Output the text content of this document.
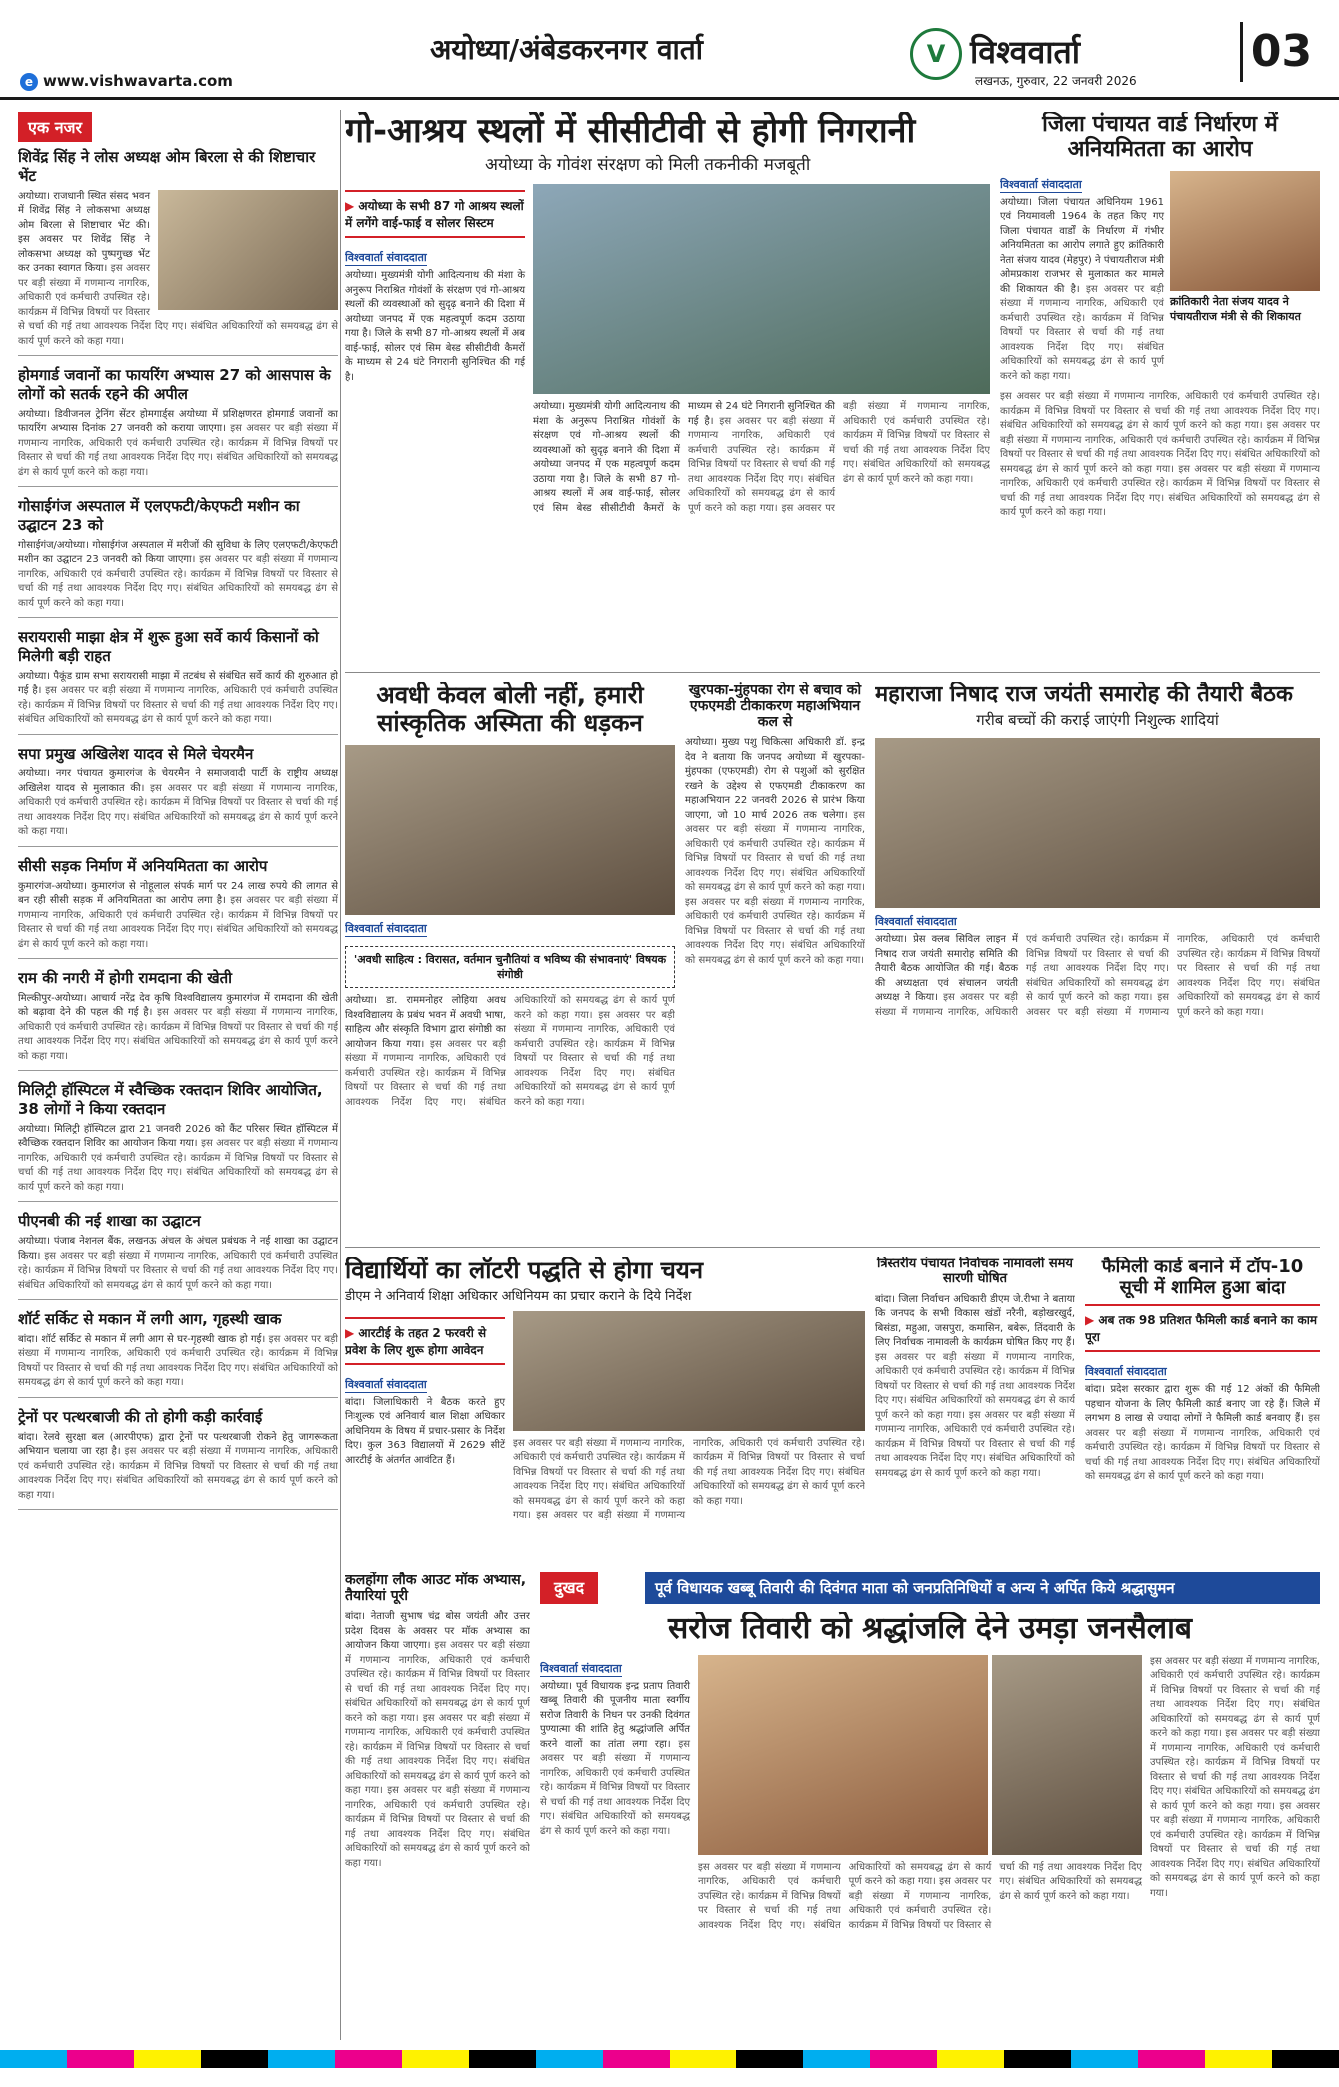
अयोध्या/अंबेडकरनगर वार्ता
e www.vishwavarta.com
V विश्ववार्ता
लखनऊ, गुरुवार, 22 जनवरी 2026
03
एक नजर
शिवेंद्र सिंह ने लोस अध्यक्ष ओम बिरला से की शिष्टाचार भेंट
अयोध्या। राजधानी स्थित संसद भवन में शिवेंद्र सिंह ने लोकसभा अध्यक्ष ओम बिरला से शिष्टाचार भेंट की। इस अवसर पर शिवेंद्र सिंह ने लोकसभा अध्यक्ष को पुष्पगुच्छ भेंट कर उनका स्वागत किया। इस अवसर पर बड़ी संख्या में गणमान्य नागरिक, अधिकारी एवं कर्मचारी उपस्थित रहे। कार्यक्रम में विभिन्न विषयों पर विस्तार से चर्चा की गई तथा आवश्यक निर्देश दिए गए। संबंधित अधिकारियों को समयबद्ध ढंग से कार्य पूर्ण करने को कहा गया।
होमगार्ड जवानों का फायरिंग अभ्यास 27 को आसपास के लोगों को सतर्क रहने की अपील
अयोध्या। डिवीजनल ट्रेनिंग सेंटर होमगार्ड्स अयोध्या में प्रशिक्षणरत होमगार्ड जवानों का फायरिंग अभ्यास दिनांक 27 जनवरी को कराया जाएगा। इस अवसर पर बड़ी संख्या में गणमान्य नागरिक, अधिकारी एवं कर्मचारी उपस्थित रहे। कार्यक्रम में विभिन्न विषयों पर विस्तार से चर्चा की गई तथा आवश्यक निर्देश दिए गए। संबंधित अधिकारियों को समयबद्ध ढंग से कार्य पूर्ण करने को कहा गया।
गोसाईगंज अस्पताल में एलएफटी/केएफटी मशीन का उद्घाटन 23 को
गोसाईगंज/अयोध्या। गोसाईगंज अस्पताल में मरीजों की सुविधा के लिए एलएफटी/केएफटी मशीन का उद्घाटन 23 जनवरी को किया जाएगा। इस अवसर पर बड़ी संख्या में गणमान्य नागरिक, अधिकारी एवं कर्मचारी उपस्थित रहे। कार्यक्रम में विभिन्न विषयों पर विस्तार से चर्चा की गई तथा आवश्यक निर्देश दिए गए। संबंधित अधिकारियों को समयबद्ध ढंग से कार्य पूर्ण करने को कहा गया।
सरायरासी माझा क्षेत्र में शुरू हुआ सर्वे कार्य किसानों को मिलेगी बड़ी राहत
अयोध्या। पैकूंड ग्राम सभा सरायरासी माझा में तटबंध से संबंधित सर्वे कार्य की शुरुआत हो गई है। इस अवसर पर बड़ी संख्या में गणमान्य नागरिक, अधिकारी एवं कर्मचारी उपस्थित रहे। कार्यक्रम में विभिन्न विषयों पर विस्तार से चर्चा की गई तथा आवश्यक निर्देश दिए गए। संबंधित अधिकारियों को समयबद्ध ढंग से कार्य पूर्ण करने को कहा गया।
सपा प्रमुख अखिलेश यादव से मिले चेयरमैन
अयोध्या। नगर पंचायत कुमारगंज के चेयरमैन ने समाजवादी पार्टी के राष्ट्रीय अध्यक्ष अखिलेश यादव से मुलाकात की। इस अवसर पर बड़ी संख्या में गणमान्य नागरिक, अधिकारी एवं कर्मचारी उपस्थित रहे। कार्यक्रम में विभिन्न विषयों पर विस्तार से चर्चा की गई तथा आवश्यक निर्देश दिए गए। संबंधित अधिकारियों को समयबद्ध ढंग से कार्य पूर्ण करने को कहा गया।
सीसी सड़क निर्माण में अनियमितता का आरोप
कुमारगंज-अयोध्या। कुमारगंज से नोहूलाल संपर्क मार्ग पर 24 लाख रुपये की लागत से बन रही सीसी सड़क में अनियमितता का आरोप लगा है। इस अवसर पर बड़ी संख्या में गणमान्य नागरिक, अधिकारी एवं कर्मचारी उपस्थित रहे। कार्यक्रम में विभिन्न विषयों पर विस्तार से चर्चा की गई तथा आवश्यक निर्देश दिए गए। संबंधित अधिकारियों को समयबद्ध ढंग से कार्य पूर्ण करने को कहा गया।
राम की नगरी में होगी रामदाना की खेती
मिल्कीपुर-अयोध्या। आचार्य नरेंद्र देव कृषि विश्वविद्यालय कुमारगंज में रामदाना की खेती को बढ़ावा देने की पहल की गई है। इस अवसर पर बड़ी संख्या में गणमान्य नागरिक, अधिकारी एवं कर्मचारी उपस्थित रहे। कार्यक्रम में विभिन्न विषयों पर विस्तार से चर्चा की गई तथा आवश्यक निर्देश दिए गए। संबंधित अधिकारियों को समयबद्ध ढंग से कार्य पूर्ण करने को कहा गया।
मिलिट्री हॉस्पिटल में स्वैच्छिक रक्तदान शिविर आयोजित, 38 लोगों ने किया रक्तदान
अयोध्या। मिलिट्री हॉस्पिटल द्वारा 21 जनवरी 2026 को कैंट परिसर स्थित हॉस्पिटल में स्वैच्छिक रक्तदान शिविर का आयोजन किया गया। इस अवसर पर बड़ी संख्या में गणमान्य नागरिक, अधिकारी एवं कर्मचारी उपस्थित रहे। कार्यक्रम में विभिन्न विषयों पर विस्तार से चर्चा की गई तथा आवश्यक निर्देश दिए गए। संबंधित अधिकारियों को समयबद्ध ढंग से कार्य पूर्ण करने को कहा गया।
पीएनबी की नई शाखा का उद्घाटन
अयोध्या। पंजाब नेशनल बैंक, लखनऊ अंचल के अंचल प्रबंधक ने नई शाखा का उद्घाटन किया। इस अवसर पर बड़ी संख्या में गणमान्य नागरिक, अधिकारी एवं कर्मचारी उपस्थित रहे। कार्यक्रम में विभिन्न विषयों पर विस्तार से चर्चा की गई तथा आवश्यक निर्देश दिए गए। संबंधित अधिकारियों को समयबद्ध ढंग से कार्य पूर्ण करने को कहा गया।
शॉर्ट सर्किट से मकान में लगी आग, गृहस्थी खाक
बांदा। शॉर्ट सर्किट से मकान में लगी आग से घर-गृहस्थी खाक हो गई। इस अवसर पर बड़ी संख्या में गणमान्य नागरिक, अधिकारी एवं कर्मचारी उपस्थित रहे। कार्यक्रम में विभिन्न विषयों पर विस्तार से चर्चा की गई तथा आवश्यक निर्देश दिए गए। संबंधित अधिकारियों को समयबद्ध ढंग से कार्य पूर्ण करने को कहा गया।
ट्रेनों पर पत्थरबाजी की तो होगी कड़ी कार्रवाई
बांदा। रेलवे सुरक्षा बल (आरपीएफ) द्वारा ट्रेनों पर पत्थरबाजी रोकने हेतु जागरूकता अभियान चलाया जा रहा है। इस अवसर पर बड़ी संख्या में गणमान्य नागरिक, अधिकारी एवं कर्मचारी उपस्थित रहे। कार्यक्रम में विभिन्न विषयों पर विस्तार से चर्चा की गई तथा आवश्यक निर्देश दिए गए। संबंधित अधिकारियों को समयबद्ध ढंग से कार्य पूर्ण करने को कहा गया।
गो-आश्रय स्थलों में सीसीटीवी से होगी निगरानी
अयोध्या के गोवंश संरक्षण को मिली तकनीकी मजबूती
▶ अयोध्या के सभी 87 गो आश्रय स्थलों में लगेंगे वाई-फाई व सोलर सिस्टम
विश्ववार्ता संवाददाता
अयोध्या। मुख्यमंत्री योगी आदित्यनाथ की मंशा के अनुरूप निराश्रित गोवंशों के संरक्षण एवं गो-आश्रय स्थलों की व्यवस्थाओं को सुदृढ़ बनाने की दिशा में अयोध्या जनपद में एक महत्वपूर्ण कदम उठाया गया है। जिले के सभी 87 गो-आश्रय स्थलों में अब वाई-फाई, सोलर एवं सिम बेस्ड सीसीटीवी कैमरों के माध्यम से 24 घंटे निगरानी सुनिश्चित की गई है।
अयोध्या। मुख्यमंत्री योगी आदित्यनाथ की मंशा के अनुरूप निराश्रित गोवंशों के संरक्षण एवं गो-आश्रय स्थलों की व्यवस्थाओं को सुदृढ़ बनाने की दिशा में अयोध्या जनपद में एक महत्वपूर्ण कदम उठाया गया है। जिले के सभी 87 गो-आश्रय स्थलों में अब वाई-फाई, सोलर एवं सिम बेस्ड सीसीटीवी कैमरों के माध्यम से 24 घंटे निगरानी सुनिश्चित की गई है। इस अवसर पर बड़ी संख्या में गणमान्य नागरिक, अधिकारी एवं कर्मचारी उपस्थित रहे। कार्यक्रम में विभिन्न विषयों पर विस्तार से चर्चा की गई तथा आवश्यक निर्देश दिए गए। संबंधित अधिकारियों को समयबद्ध ढंग से कार्य पूर्ण करने को कहा गया। इस अवसर पर बड़ी संख्या में गणमान्य नागरिक, अधिकारी एवं कर्मचारी उपस्थित रहे। कार्यक्रम में विभिन्न विषयों पर विस्तार से चर्चा की गई तथा आवश्यक निर्देश दिए गए। संबंधित अधिकारियों को समयबद्ध ढंग से कार्य पूर्ण करने को कहा गया।
जिला पंचायत वार्ड निर्धारण में अनियमितता का आरोप
विश्ववार्ता संवाददाता
अयोध्या। जिला पंचायत अधिनियम 1961 एवं नियमावली 1964 के तहत किए गए जिला पंचायत वार्डों के निर्धारण में गंभीर अनियमितता का आरोप लगाते हुए क्रांतिकारी नेता संजय यादव (मेहपुर) ने पंचायतीराज मंत्री ओमप्रकाश राजभर से मुलाकात कर मामले की शिकायत की है। इस अवसर पर बड़ी संख्या में गणमान्य नागरिक, अधिकारी एवं कर्मचारी उपस्थित रहे। कार्यक्रम में विभिन्न विषयों पर विस्तार से चर्चा की गई तथा आवश्यक निर्देश दिए गए। संबंधित अधिकारियों को समयबद्ध ढंग से कार्य पूर्ण करने को कहा गया।
क्रांतिकारी नेता संजय यादव ने पंचायतीराज मंत्री से की शिकायत
इस अवसर पर बड़ी संख्या में गणमान्य नागरिक, अधिकारी एवं कर्मचारी उपस्थित रहे। कार्यक्रम में विभिन्न विषयों पर विस्तार से चर्चा की गई तथा आवश्यक निर्देश दिए गए। संबंधित अधिकारियों को समयबद्ध ढंग से कार्य पूर्ण करने को कहा गया। इस अवसर पर बड़ी संख्या में गणमान्य नागरिक, अधिकारी एवं कर्मचारी उपस्थित रहे। कार्यक्रम में विभिन्न विषयों पर विस्तार से चर्चा की गई तथा आवश्यक निर्देश दिए गए। संबंधित अधिकारियों को समयबद्ध ढंग से कार्य पूर्ण करने को कहा गया। इस अवसर पर बड़ी संख्या में गणमान्य नागरिक, अधिकारी एवं कर्मचारी उपस्थित रहे। कार्यक्रम में विभिन्न विषयों पर विस्तार से चर्चा की गई तथा आवश्यक निर्देश दिए गए। संबंधित अधिकारियों को समयबद्ध ढंग से कार्य पूर्ण करने को कहा गया।
अवधी केवल बोली नहीं, हमारी सांस्कृतिक अस्मिता की धड़कन
विश्ववार्ता संवाददाता
'अवधी साहित्य : विरासत, वर्तमान चुनौतियां व भविष्य की संभावनाएं' विषयक संगोष्ठी
अयोध्या। डा. राममनोहर लोहिया अवध विश्वविद्यालय के प्रबंध भवन में अवधी भाषा, साहित्य और संस्कृति विभाग द्वारा संगोष्ठी का आयोजन किया गया। इस अवसर पर बड़ी संख्या में गणमान्य नागरिक, अधिकारी एवं कर्मचारी उपस्थित रहे। कार्यक्रम में विभिन्न विषयों पर विस्तार से चर्चा की गई तथा आवश्यक निर्देश दिए गए। संबंधित अधिकारियों को समयबद्ध ढंग से कार्य पूर्ण करने को कहा गया। इस अवसर पर बड़ी संख्या में गणमान्य नागरिक, अधिकारी एवं कर्मचारी उपस्थित रहे। कार्यक्रम में विभिन्न विषयों पर विस्तार से चर्चा की गई तथा आवश्यक निर्देश दिए गए। संबंधित अधिकारियों को समयबद्ध ढंग से कार्य पूर्ण करने को कहा गया।
खुरपका-मुंहपका रोग से बचाव को एफएमडी टीकाकरण महाअभियान कल से
अयोध्या। मुख्य पशु चिकित्सा अधिकारी डॉ. इन्द्र देव ने बताया कि जनपद अयोध्या में खुरपका-मुंहपका (एफएमडी) रोग से पशुओं को सुरक्षित रखने के उद्देश्य से एफएमडी टीकाकरण का महाअभियान 22 जनवरी 2026 से प्रारंभ किया जाएगा, जो 10 मार्च 2026 तक चलेगा। इस अवसर पर बड़ी संख्या में गणमान्य नागरिक, अधिकारी एवं कर्मचारी उपस्थित रहे। कार्यक्रम में विभिन्न विषयों पर विस्तार से चर्चा की गई तथा आवश्यक निर्देश दिए गए। संबंधित अधिकारियों को समयबद्ध ढंग से कार्य पूर्ण करने को कहा गया। इस अवसर पर बड़ी संख्या में गणमान्य नागरिक, अधिकारी एवं कर्मचारी उपस्थित रहे। कार्यक्रम में विभिन्न विषयों पर विस्तार से चर्चा की गई तथा आवश्यक निर्देश दिए गए। संबंधित अधिकारियों को समयबद्ध ढंग से कार्य पूर्ण करने को कहा गया।
महाराजा निषाद राज जयंती समारोह की तैयारी बैठक
गरीब बच्चों की कराई जाएंगी निशुल्क शादियां
विश्ववार्ता संवाददाता
अयोध्या। प्रेस क्लब सिविल लाइन में निषाद राज जयंती समारोह समिति की तैयारी बैठक आयोजित की गई। बैठक की अध्यक्षता एवं संचालन जयंती अध्यक्ष ने किया। इस अवसर पर बड़ी संख्या में गणमान्य नागरिक, अधिकारी एवं कर्मचारी उपस्थित रहे। कार्यक्रम में विभिन्न विषयों पर विस्तार से चर्चा की गई तथा आवश्यक निर्देश दिए गए। संबंधित अधिकारियों को समयबद्ध ढंग से कार्य पूर्ण करने को कहा गया। इस अवसर पर बड़ी संख्या में गणमान्य नागरिक, अधिकारी एवं कर्मचारी उपस्थित रहे। कार्यक्रम में विभिन्न विषयों पर विस्तार से चर्चा की गई तथा आवश्यक निर्देश दिए गए। संबंधित अधिकारियों को समयबद्ध ढंग से कार्य पूर्ण करने को कहा गया।
विद्यार्थियों का लॉटरी पद्धति से होगा चयन
डीएम ने अनिवार्य शिक्षा अधिकार अधिनियम का प्रचार कराने के दिये निर्देश
▶ आरटीई के तहत 2 फरवरी से प्रवेश के लिए शुरू होगा आवेदन
विश्ववार्ता संवाददाता
बांदा। जिलाधिकारी ने बैठक करते हुए निःशुल्क एवं अनिवार्य बाल शिक्षा अधिकार अधिनियम के विषय में प्रचार-प्रसार के निर्देश दिए। कुल 363 विद्यालयों में 2629 सीटें आरटीई के अंतर्गत आवंटित हैं।
इस अवसर पर बड़ी संख्या में गणमान्य नागरिक, अधिकारी एवं कर्मचारी उपस्थित रहे। कार्यक्रम में विभिन्न विषयों पर विस्तार से चर्चा की गई तथा आवश्यक निर्देश दिए गए। संबंधित अधिकारियों को समयबद्ध ढंग से कार्य पूर्ण करने को कहा गया। इस अवसर पर बड़ी संख्या में गणमान्य नागरिक, अधिकारी एवं कर्मचारी उपस्थित रहे। कार्यक्रम में विभिन्न विषयों पर विस्तार से चर्चा की गई तथा आवश्यक निर्देश दिए गए। संबंधित अधिकारियों को समयबद्ध ढंग से कार्य पूर्ण करने को कहा गया।
त्रिस्तरीय पंचायत निर्वाचक नामावली समय सारणी घोषित
बांदा। जिला निर्वाचन अधिकारी डीएम जे.रीभा ने बताया कि जनपद के सभी विकास खंडों नरैनी, बड़ोखरखुर्द, बिसंडा, महुआ, जसपुरा, कमासिन, बबेरू, तिंदवारी के लिए निर्वाचक नामावली के कार्यक्रम घोषित किए गए हैं। इस अवसर पर बड़ी संख्या में गणमान्य नागरिक, अधिकारी एवं कर्मचारी उपस्थित रहे। कार्यक्रम में विभिन्न विषयों पर विस्तार से चर्चा की गई तथा आवश्यक निर्देश दिए गए। संबंधित अधिकारियों को समयबद्ध ढंग से कार्य पूर्ण करने को कहा गया। इस अवसर पर बड़ी संख्या में गणमान्य नागरिक, अधिकारी एवं कर्मचारी उपस्थित रहे। कार्यक्रम में विभिन्न विषयों पर विस्तार से चर्चा की गई तथा आवश्यक निर्देश दिए गए। संबंधित अधिकारियों को समयबद्ध ढंग से कार्य पूर्ण करने को कहा गया।
फैमिली कार्ड बनाने में टॉप-10 सूची में शामिल हुआ बांदा
▶ अब तक 98 प्रतिशत फैमिली कार्ड बनाने का काम पूरा
विश्ववार्ता संवाददाता
बांदा। प्रदेश सरकार द्वारा शुरू की गई 12 अंकों की फैमिली पहचान योजना के लिए फैमिली कार्ड बनाए जा रहे हैं। जिले में लगभग 8 लाख से ज्यादा लोगों ने फैमिली कार्ड बनवाए हैं। इस अवसर पर बड़ी संख्या में गणमान्य नागरिक, अधिकारी एवं कर्मचारी उपस्थित रहे। कार्यक्रम में विभिन्न विषयों पर विस्तार से चर्चा की गई तथा आवश्यक निर्देश दिए गए। संबंधित अधिकारियों को समयबद्ध ढंग से कार्य पूर्ण करने को कहा गया।
दुखद	पूर्व विधायक खब्बू तिवारी की दिवंगत माता को जनप्रतिनिधियों व अन्य ने अर्पित किये श्रद्धासुमन
कलहोंगा लौक आउट मॉक अभ्यास, तैयारियां पूरी
बांदा। नेताजी सुभाष चंद्र बोस जयंती और उत्तर प्रदेश दिवस के अवसर पर मॉक अभ्यास का आयोजन किया जाएगा। इस अवसर पर बड़ी संख्या में गणमान्य नागरिक, अधिकारी एवं कर्मचारी उपस्थित रहे। कार्यक्रम में विभिन्न विषयों पर विस्तार से चर्चा की गई तथा आवश्यक निर्देश दिए गए। संबंधित अधिकारियों को समयबद्ध ढंग से कार्य पूर्ण करने को कहा गया। इस अवसर पर बड़ी संख्या में गणमान्य नागरिक, अधिकारी एवं कर्मचारी उपस्थित रहे। कार्यक्रम में विभिन्न विषयों पर विस्तार से चर्चा की गई तथा आवश्यक निर्देश दिए गए। संबंधित अधिकारियों को समयबद्ध ढंग से कार्य पूर्ण करने को कहा गया। इस अवसर पर बड़ी संख्या में गणमान्य नागरिक, अधिकारी एवं कर्मचारी उपस्थित रहे। कार्यक्रम में विभिन्न विषयों पर विस्तार से चर्चा की गई तथा आवश्यक निर्देश दिए गए। संबंधित अधिकारियों को समयबद्ध ढंग से कार्य पूर्ण करने को कहा गया।
सरोज तिवारी को श्रद्धांजलि देने उमड़ा जनसैलाब
विश्ववार्ता संवाददाता
अयोध्या। पूर्व विधायक इन्द्र प्रताप तिवारी खब्बू तिवारी की पूजनीय माता स्वर्गीय सरोज तिवारी के निधन पर उनकी दिवंगत पुण्यात्मा की शांति हेतु श्रद्धांजलि अर्पित करने वालों का तांता लगा रहा। इस अवसर पर बड़ी संख्या में गणमान्य नागरिक, अधिकारी एवं कर्मचारी उपस्थित रहे। कार्यक्रम में विभिन्न विषयों पर विस्तार से चर्चा की गई तथा आवश्यक निर्देश दिए गए। संबंधित अधिकारियों को समयबद्ध ढंग से कार्य पूर्ण करने को कहा गया।
इस अवसर पर बड़ी संख्या में गणमान्य नागरिक, अधिकारी एवं कर्मचारी उपस्थित रहे। कार्यक्रम में विभिन्न विषयों पर विस्तार से चर्चा की गई तथा आवश्यक निर्देश दिए गए। संबंधित अधिकारियों को समयबद्ध ढंग से कार्य पूर्ण करने को कहा गया। इस अवसर पर बड़ी संख्या में गणमान्य नागरिक, अधिकारी एवं कर्मचारी उपस्थित रहे। कार्यक्रम में विभिन्न विषयों पर विस्तार से चर्चा की गई तथा आवश्यक निर्देश दिए गए। संबंधित अधिकारियों को समयबद्ध ढंग से कार्य पूर्ण करने को कहा गया।
इस अवसर पर बड़ी संख्या में गणमान्य नागरिक, अधिकारी एवं कर्मचारी उपस्थित रहे। कार्यक्रम में विभिन्न विषयों पर विस्तार से चर्चा की गई तथा आवश्यक निर्देश दिए गए। संबंधित अधिकारियों को समयबद्ध ढंग से कार्य पूर्ण करने को कहा गया। इस अवसर पर बड़ी संख्या में गणमान्य नागरिक, अधिकारी एवं कर्मचारी उपस्थित रहे। कार्यक्रम में विभिन्न विषयों पर विस्तार से चर्चा की गई तथा आवश्यक निर्देश दिए गए। संबंधित अधिकारियों को समयबद्ध ढंग से कार्य पूर्ण करने को कहा गया। इस अवसर पर बड़ी संख्या में गणमान्य नागरिक, अधिकारी एवं कर्मचारी उपस्थित रहे। कार्यक्रम में विभिन्न विषयों पर विस्तार से चर्चा की गई तथा आवश्यक निर्देश दिए गए। संबंधित अधिकारियों को समयबद्ध ढंग से कार्य पूर्ण करने को कहा गया।
